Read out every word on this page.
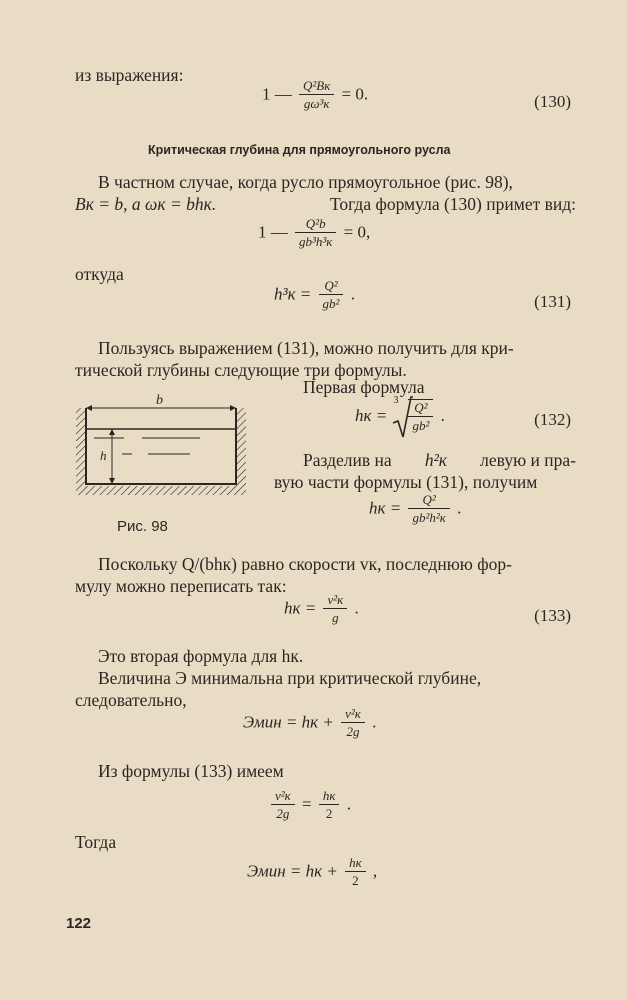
из выражения:
1 — $\frac{\text{Q²Bк}}{\text{gω³к}} = 0$.	(130)
Критическая глубина для прямоугольного русла
В частном случае, когда русло прямоугольное (рис. 98),
Bк = b, а ωк = bhк.	Тогда формула (130) примет вид:
1 — $\frac{\text{Q²b}}{\text{gb³h³к}} = 0$,
откуда
$h^3к = \frac{\text{Q²}}{\text{gb²}}$ .	(131)
Пользуясь выражением (131), можно получить для кри-
тической глубины следующие три формулы.
Первая формула
hк = $^3 \frac{\text{Q²}}{\text{gb²}}$ .	(132)
Разделив на h²к левую и пра-
вую части формулы (131), получим
hк = $\frac{\text{Q²}}{\text{gb²h²к}}$ .
b
h
Рис. 98
Поскольку Q/(bhк) равно скорости vк, последнюю фор-
мулу можно переписать так:
hк = $\frac{\text{v²к}}{g}$ .	(133)
Это вторая формула для hк.
Величина Э минимальна при критической глубине,
следовательно,
Эмин = hк + $\frac{\text{v²к}}{2g}$ .
Из формулы (133) имеем
$\frac{\text{v²к}}{2g} = \frac{hк}{2}$ .
Тогда
Эмин = hк + $\frac{hк}{2}$ ,
122
